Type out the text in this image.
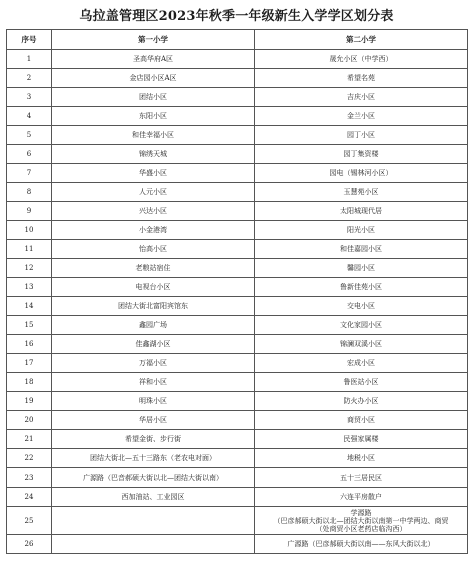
乌拉盖管理区2023年秋季一年级新生入学学区划分表
序号	第一小学	第二小学
1	圣高华府A区	晟允小区（中学西）
2	金店园小区A区	希望名苑
3	团结小区	吉庆小区
4	东阳小区	金兰小区
5	和佳幸福小区	园丁小区
6	锦绣天城	园丁集资楼
7	华盛小区	园电（锡林河小区）
8	人元小区	玉慧苑小区
9	兴达小区	太阳城现代居
10	小金港湾	阳光小区
11	怡高小区	和佳嘉园小区
12	老粮站宿住	馨园小区
13	电视台小区	鲁新佳苑小区
14	团结大街北富阳宾馆东	交电小区
15	鑫园广场	文化家园小区
16	佳鑫湖小区	锦澜双溪小区
17	万福小区	宏成小区
18	祥和小区	鲁医站小区
19	明珠小区	防火办小区
20	华居小区	商贸小区
21	希望金街、步行街	民强家属楼
22	团结大街北—五十三路东（老农电对面）	地税小区
23	广源路（巴音郝硕大街以北—团结大街以南）	五十三居民区
24	西加油站、工业园区	六连平房散户
25		学源路
（巴彦郝硕大街以北—团结大街以南第一中学两边、商贸
（处商贸小区老药店临沟西）

26		广源路（巴彦郝硕大街以南——东风大街以北）
